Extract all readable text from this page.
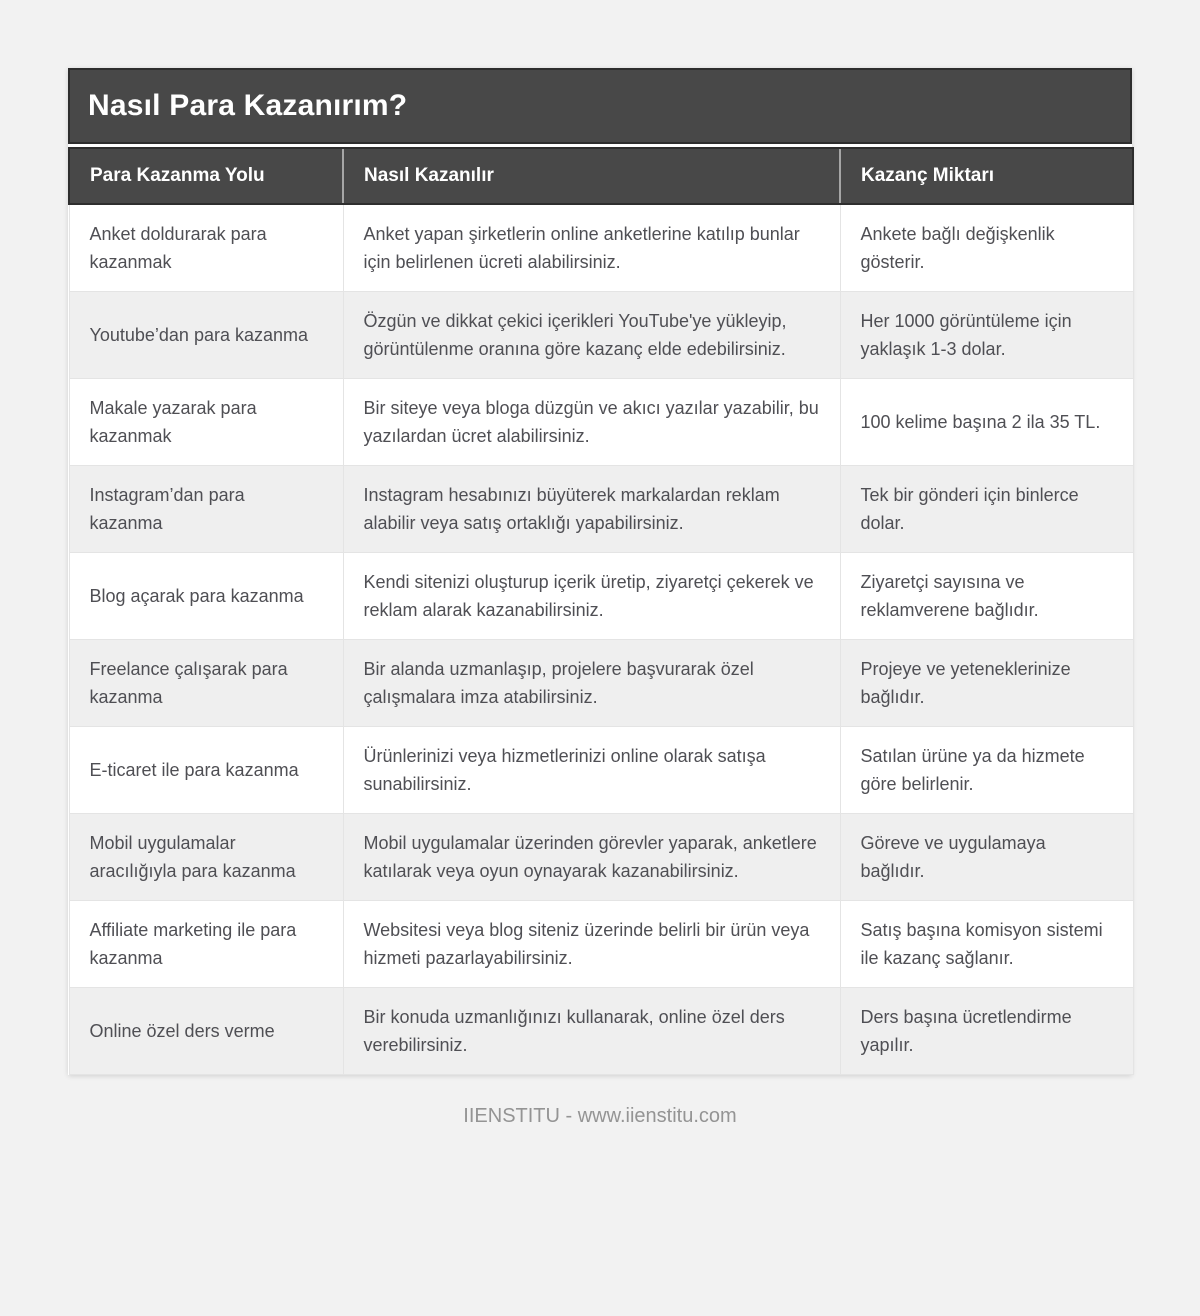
Nasıl Para Kazanırım?
Para Kazanma Yolu	Nasıl Kazanılır	Kazanç Miktarı
Anket doldurarak para kazanmak	Anket yapan şirketlerin online anketlerine katılıp bunlar için belirlenen ücreti alabilirsiniz.	Ankete bağlı değişkenlik gösterir.
Youtube’dan para kazanma	Özgün ve dikkat çekici içerikleri YouTube'ye yükleyip, görüntülenme oranına göre kazanç elde edebilirsiniz.	Her 1000 görüntüleme için yaklaşık 1-3 dolar.
Makale yazarak para kazanmak	Bir siteye veya bloga düzgün ve akıcı yazılar yazabilir, bu yazılardan ücret alabilirsiniz.	100 kelime başına 2 ila 35 TL.
Instagram’dan para kazanma	Instagram hesabınızı büyüterek markalardan reklam alabilir veya satış ortaklığı yapabilirsiniz.	Tek bir gönderi için binlerce dolar.
Blog açarak para kazanma	Kendi sitenizi oluşturup içerik üretip, ziyaretçi çekerek ve reklam alarak kazanabilirsiniz.	Ziyaretçi sayısına ve reklamverene bağlıdır.
Freelance çalışarak para kazanma	Bir alanda uzmanlaşıp, projelere başvurarak özel çalışmalara imza atabilirsiniz.	Projeye ve yeteneklerinize bağlıdır.
E-ticaret ile para kazanma	Ürünlerinizi veya hizmetlerinizi online olarak satışa sunabilirsiniz.	Satılan ürüne ya da hizmete göre belirlenir.
Mobil uygulamalar aracılığıyla para kazanma	Mobil uygulamalar üzerinden görevler yaparak, anketlere katılarak veya oyun oynayarak kazanabilirsiniz.	Göreve ve uygulamaya bağlıdır.
Affiliate marketing ile para kazanma	Websitesi veya blog siteniz üzerinde belirli bir ürün veya hizmeti pazarlayabilirsiniz.	Satış başına komisyon sistemi ile kazanç sağlanır.
Online özel ders verme	Bir konuda uzmanlığınızı kullanarak, online özel ders verebilirsiniz.	Ders başına ücretlendirme yapılır.
IIENSTITU - www.iienstitu.com
